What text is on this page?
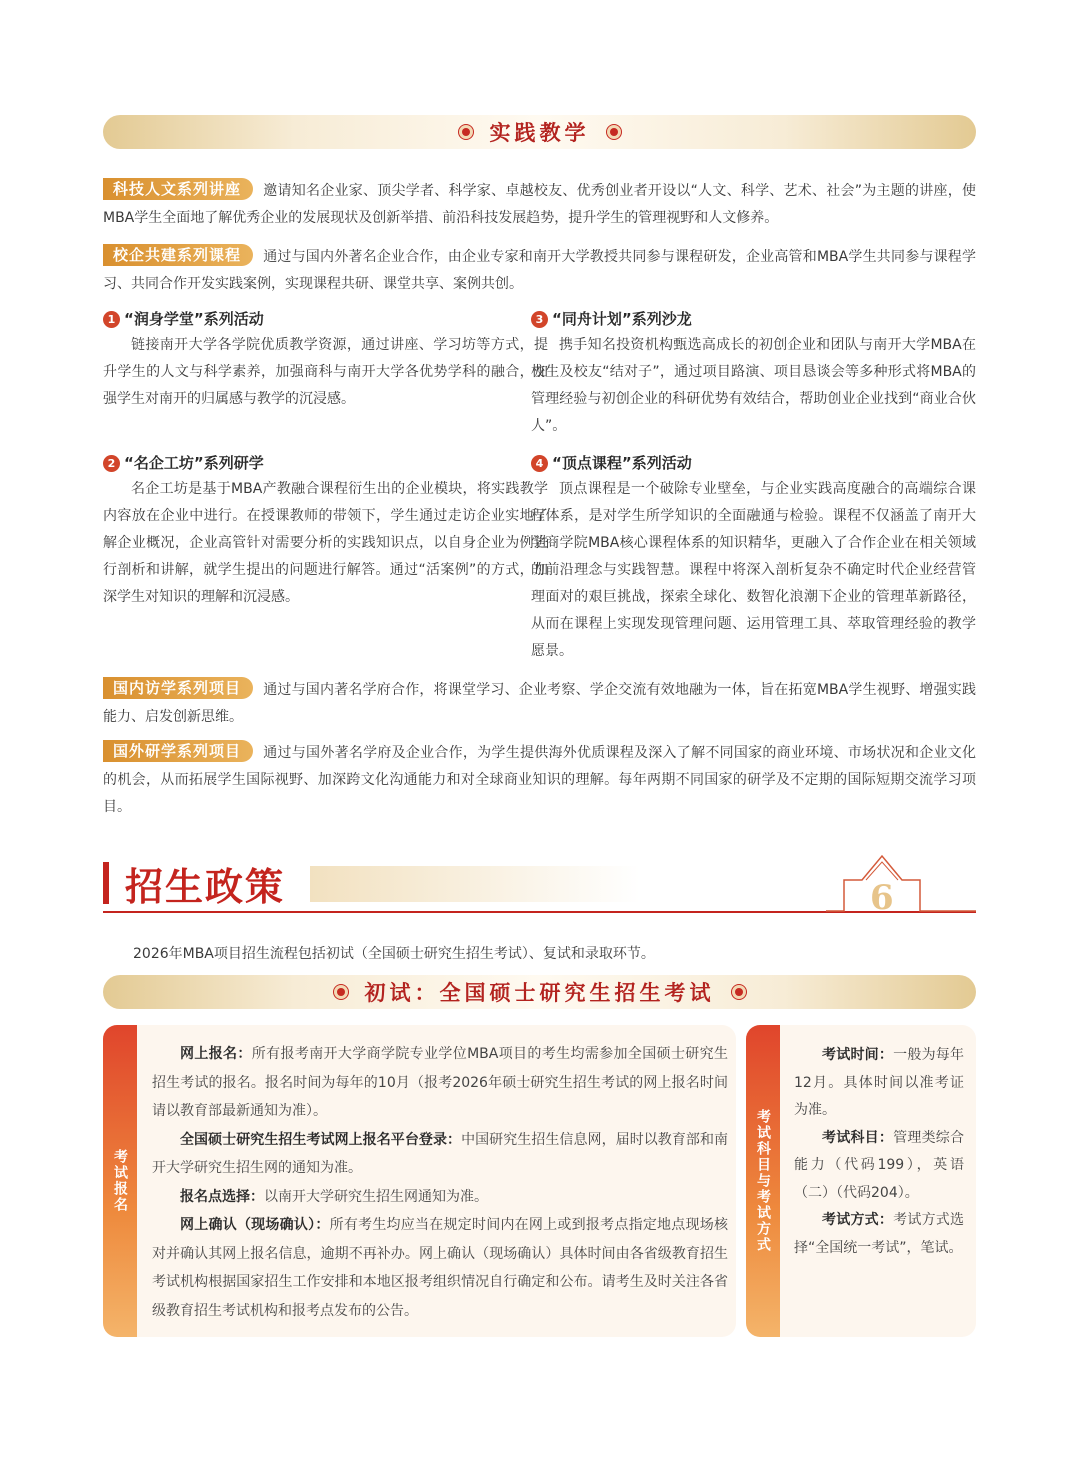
实践教学
科技人文系列讲座 邀请知名企业家、顶尖学者、科学家、卓越校友、优秀创业者开设以“人文、科学、艺术、社会”为主题的讲座，使MBA学生全面地了解优秀企业的发展现状及创新举措、前沿科技发展趋势，提升学生的管理视野和人文修养。
校企共建系列课程 通过与国内外著名企业合作，由企业专家和南开大学教授共同参与课程研发，企业高管和MBA学生共同参与课程学习、共同合作开发实践案例，实现课程共研、课堂共享、案例共创。
1 “润身学堂”系列活动
链接南开大学各学院优质教学资源，通过讲座、学习坊等方式，提升学生的人文与科学素养，加强商科与南开大学各优势学科的融合，加强学生对南开的归属感与教学的沉浸感。
2 “名企工坊”系列研学
名企工坊是基于MBA产教融合课程衍生出的企业模块，将实践教学内容放在企业中进行。在授课教师的带领下，学生通过走访企业实地了解企业概况，企业高管针对需要分析的实践知识点，以自身企业为例进行剖析和讲解，就学生提出的问题进行解答。通过“活案例”的方式，加深学生对知识的理解和沉浸感。
3 “同舟计划”系列沙龙
携手知名投资机构甄选高成长的初创企业和团队与南开大学MBA在校生及校友“结对子”，通过项目路演、项目恳谈会等多种形式将MBA的管理经验与初创企业的科研优势有效结合，帮助创业企业找到“商业合伙人”。
4 “顶点课程”系列活动
顶点课程是一个破除专业壁垒，与企业实践高度融合的高端综合课程体系，是对学生所学知识的全面融通与检验。课程不仅涵盖了南开大学商学院MBA核心课程体系的知识精华，更融入了合作企业在相关领域的前沿理念与实践智慧。课程中将深入剖析复杂不确定时代企业经营管理面对的艰巨挑战，探索全球化、数智化浪潮下企业的管理革新路径，从而在课程上实现发现管理问题、运用管理工具、萃取管理经验的教学愿景。
国内访学系列项目 通过与国内著名学府合作，将课堂学习、企业考察、学企交流有效地融为一体，旨在拓宽MBA学生视野、增强实践能力、启发创新思维。
国外研学系列项目 通过与国外著名学府及企业合作，为学生提供海外优质课程及深入了解不同国家的商业环境、市场状况和企业文化的机会，从而拓展学生国际视野、加深跨文化沟通能力和对全球商业知识的理解。每年两期不同国家的研学及不定期的国际短期交流学习项目。
招生政策	6
2026年MBA项目招生流程包括初试（全国硕士研究生招生考试）、复试和录取环节。
初试：全国硕士研究生招生考试
考试报名

网上报名：所有报考南开大学商学院专业学位MBA项目的考生均需参加全国硕士研究生招生考试的报名。报名时间为每年的10月（报考2026年硕士研究生招生考试的网上报名时间请以教育部最新通知为准）。

全国硕士研究生招生考试网上报名平台登录：中国研究生招生信息网，届时以教育部和南开大学研究生招生网的通知为准。

报名点选择：以南开大学研究生招生网通知为准。

网上确认（现场确认）：所有考生均应当在规定时间内在网上或到报考点指定地点现场核对并确认其网上报名信息，逾期不再补办。网上确认（现场确认）具体时间由各省级教育招生考试机构根据国家招生工作安排和本地区报考组织情况自行确定和公布。请考生及时关注各省级教育招生考试机构和报考点发布的公告。

考试科目与考试方式

考试时间：一般为每年12月。具体时间以准考证为准。

考试科目：管理类综合能力（代码199），英语（二）（代码204）。

考试方式：考试方式选择“全国统一考试”，笔试。
